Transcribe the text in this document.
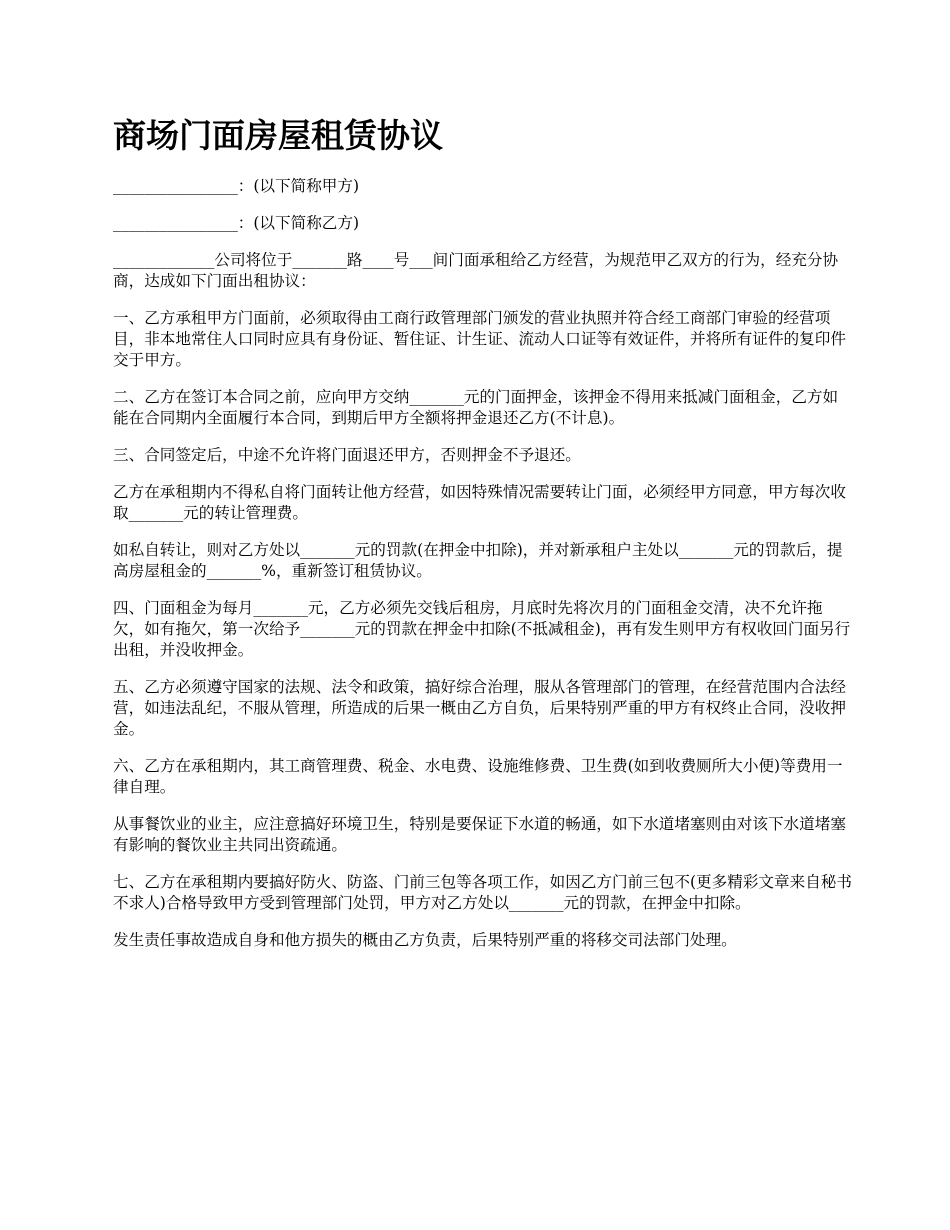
商场门面房屋租赁协议
________________：(以下简称甲方)
________________：(以下简称乙方)
_____________公司将位于_______路____号___间门面承租给乙方经营，为规范甲乙双方的行为，经充分协商，达成如下门面出租协议：
一、乙方承租甲方门面前，必须取得由工商行政管理部门颁发的营业执照并符合经工商部门审验的经营项目，非本地常住人口同时应具有身份证、暂住证、计生证、流动人口证等有效证件，并将所有证件的复印件交于甲方。
二、乙方在签订本合同之前，应向甲方交纳_______元的门面押金，该押金不得用来抵减门面租金，乙方如能在合同期内全面履行本合同，到期后甲方全额将押金退还乙方(不计息)。
三、合同签定后，中途不允许将门面退还甲方，否则押金不予退还。
乙方在承租期内不得私自将门面转让他方经营，如因特殊情况需要转让门面，必须经甲方同意，甲方每次收取_______元的转让管理费。
如私自转让，则对乙方处以_______元的罚款(在押金中扣除)，并对新承租户主处以_______元的罚款后，提高房屋租金的_______%，重新签订租赁协议。
四、门面租金为每月_______元，乙方必须先交钱后租房，月底时先将次月的门面租金交清，决不允许拖欠，如有拖欠，第一次给予_______元的罚款在押金中扣除(不抵减租金)，再有发生则甲方有权收回门面另行出租，并没收押金。
五、乙方必须遵守国家的法规、法令和政策，搞好综合治理，服从各管理部门的管理，在经营范围内合法经营，如违法乱纪，不服从管理，所造成的后果一概由乙方自负，后果特别严重的甲方有权终止合同，没收押金。
六、乙方在承租期内，其工商管理费、税金、水电费、设施维修费、卫生费(如到收费厕所大小便)等费用一律自理。
从事餐饮业的业主，应注意搞好环境卫生，特别是要保证下水道的畅通，如下水道堵塞则由对该下水道堵塞有影响的餐饮业主共同出资疏通。
七、乙方在承租期内要搞好防火、防盗、门前三包等各项工作，如因乙方门前三包不(更多精彩文章来自秘书不求人)合格导致甲方受到管理部门处罚，甲方对乙方处以_______元的罚款，在押金中扣除。
发生责任事故造成自身和他方损失的概由乙方负责，后果特别严重的将移交司法部门处理。
